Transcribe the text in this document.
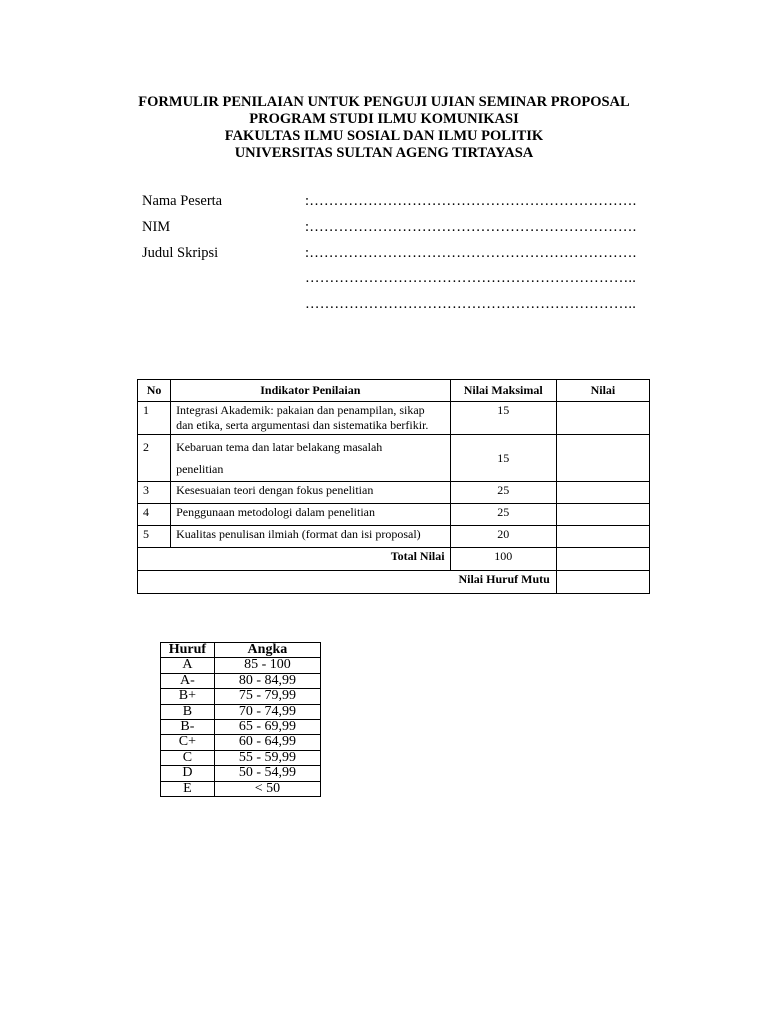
FORMULIR PENILAIAN UNTUK PENGUJI UJIAN SEMINAR PROPOSAL
PROGRAM STUDI ILMU KOMUNIKASI
FAKULTAS ILMU SOSIAL DAN ILMU POLITIK
UNIVERSITAS SULTAN AGENG TIRTAYASA
Nama Peserta	:………………………………………………………….
NIM	:………………………………………………………….
Judul Skripsi	:………………………………………………………….
…………………………………………………………..
…………………………………………………………..
No	Indikator Penilaian	Nilai Maksimal	Nilai
1	Integrasi Akademik: pakaian dan penampilan, sikap dan etika, serta argumentasi dan sistematika berfikir.	15	
2	Kebaruan tema dan latar belakang masalah
penelitian	15	
3	Kesesuaian teori dengan fokus penelitian	25	
4	Penggunaan metodologi dalam penelitian	25	
5	Kualitas penulisan ilmiah (format dan isi proposal)	20	
Total Nilai		100	
Nilai Huruf Mutu			
Huruf	Angka
A	85 - 100
A-	80 - 84,99
B+	75 - 79,99
B	70 - 74,99
B-	65 - 69,99
C+	60 - 64,99
C	55 - 59,99
D	50 - 54,99
E	< 50
